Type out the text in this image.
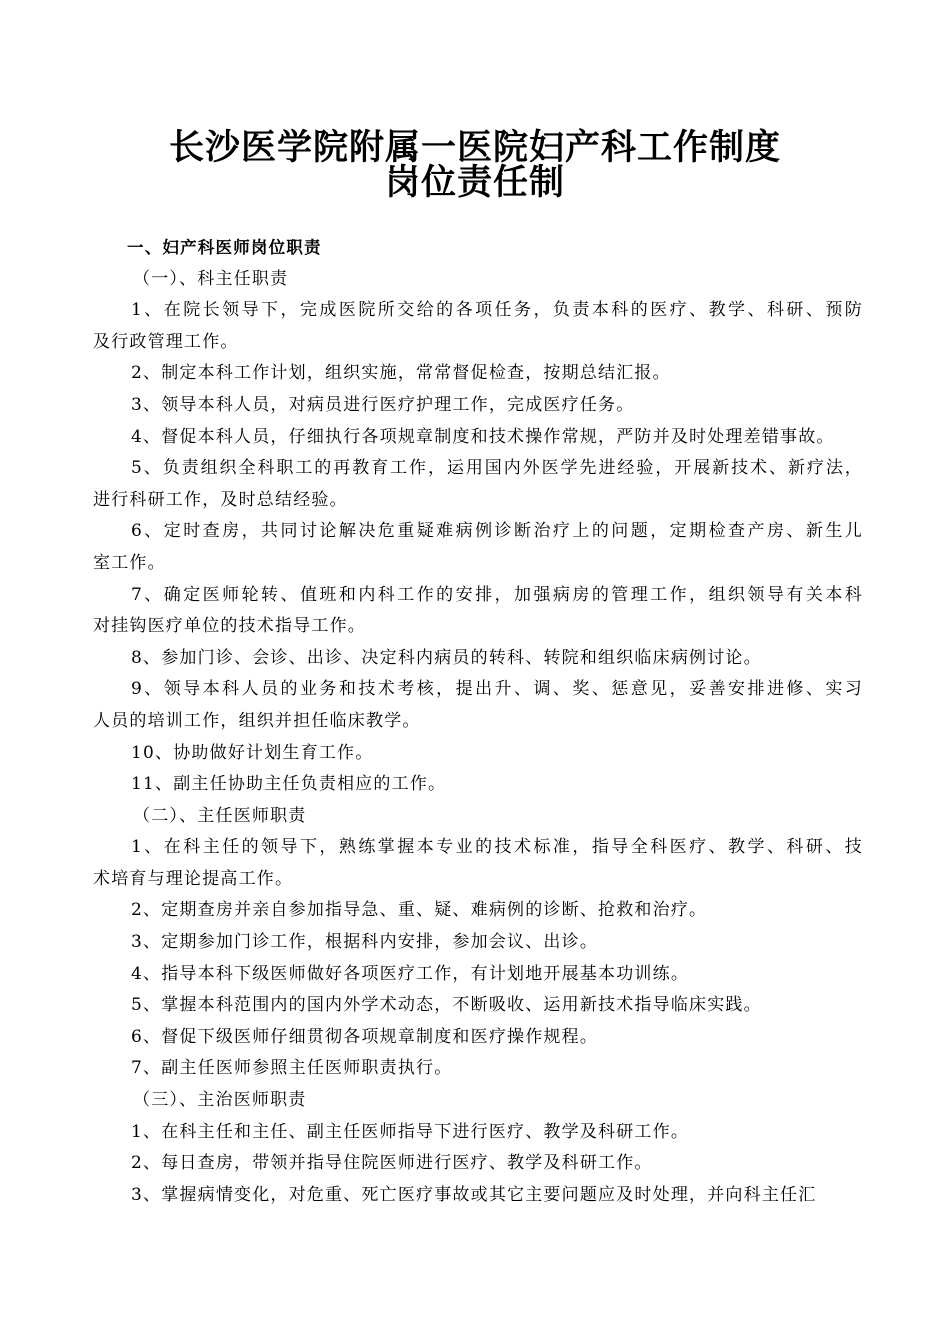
长沙医学院附属一医院妇产科工作制度
岗位责任制
一、妇产科医师岗位职责
（一）、科主任职责
1、在院长领导下，完成医院所交给的各项任务，负责本科的医疗、教学、科研、预防
及行政管理工作。
2、制定本科工作计划，组织实施，常常督促检查，按期总结汇报。
3、领导本科人员，对病员进行医疗护理工作，完成医疗任务。
4、督促本科人员，仔细执行各项规章制度和技术操作常规，严防并及时处理差错事故。
5、负责组织全科职工的再教育工作，运用国内外医学先进经验，开展新技术、新疗法，
进行科研工作，及时总结经验。
6、定时查房，共同讨论解决危重疑难病例诊断治疗上的问题，定期检查产房、新生儿
室工作。
7、确定医师轮转、值班和内科工作的安排，加强病房的管理工作，组织领导有关本科
对挂钩医疗单位的技术指导工作。
8、参加门诊、会诊、出诊、决定科内病员的转科、转院和组织临床病例讨论。
9、领导本科人员的业务和技术考核，提出升、调、奖、惩意见，妥善安排进修、实习
人员的培训工作，组织并担任临床教学。
10、协助做好计划生育工作。
11、副主任协助主任负责相应的工作。
（二）、主任医师职责
1、在科主任的领导下，熟练掌握本专业的技术标准，指导全科医疗、教学、科研、技
术培育与理论提高工作。
2、定期查房并亲自参加指导急、重、疑、难病例的诊断、抢救和治疗。
3、定期参加门诊工作，根据科内安排，参加会议、出诊。
4、指导本科下级医师做好各项医疗工作，有计划地开展基本功训练。
5、掌握本科范围内的国内外学术动态，不断吸收、运用新技术指导临床实践。
6、督促下级医师仔细贯彻各项规章制度和医疗操作规程。
7、副主任医师参照主任医师职责执行。
（三）、主治医师职责
1、在科主任和主任、副主任医师指导下进行医疗、教学及科研工作。
2、每日查房，带领并指导住院医师进行医疗、教学及科研工作。
3、掌握病情变化，对危重、死亡医疗事故或其它主要问题应及时处理，并向科主任汇
